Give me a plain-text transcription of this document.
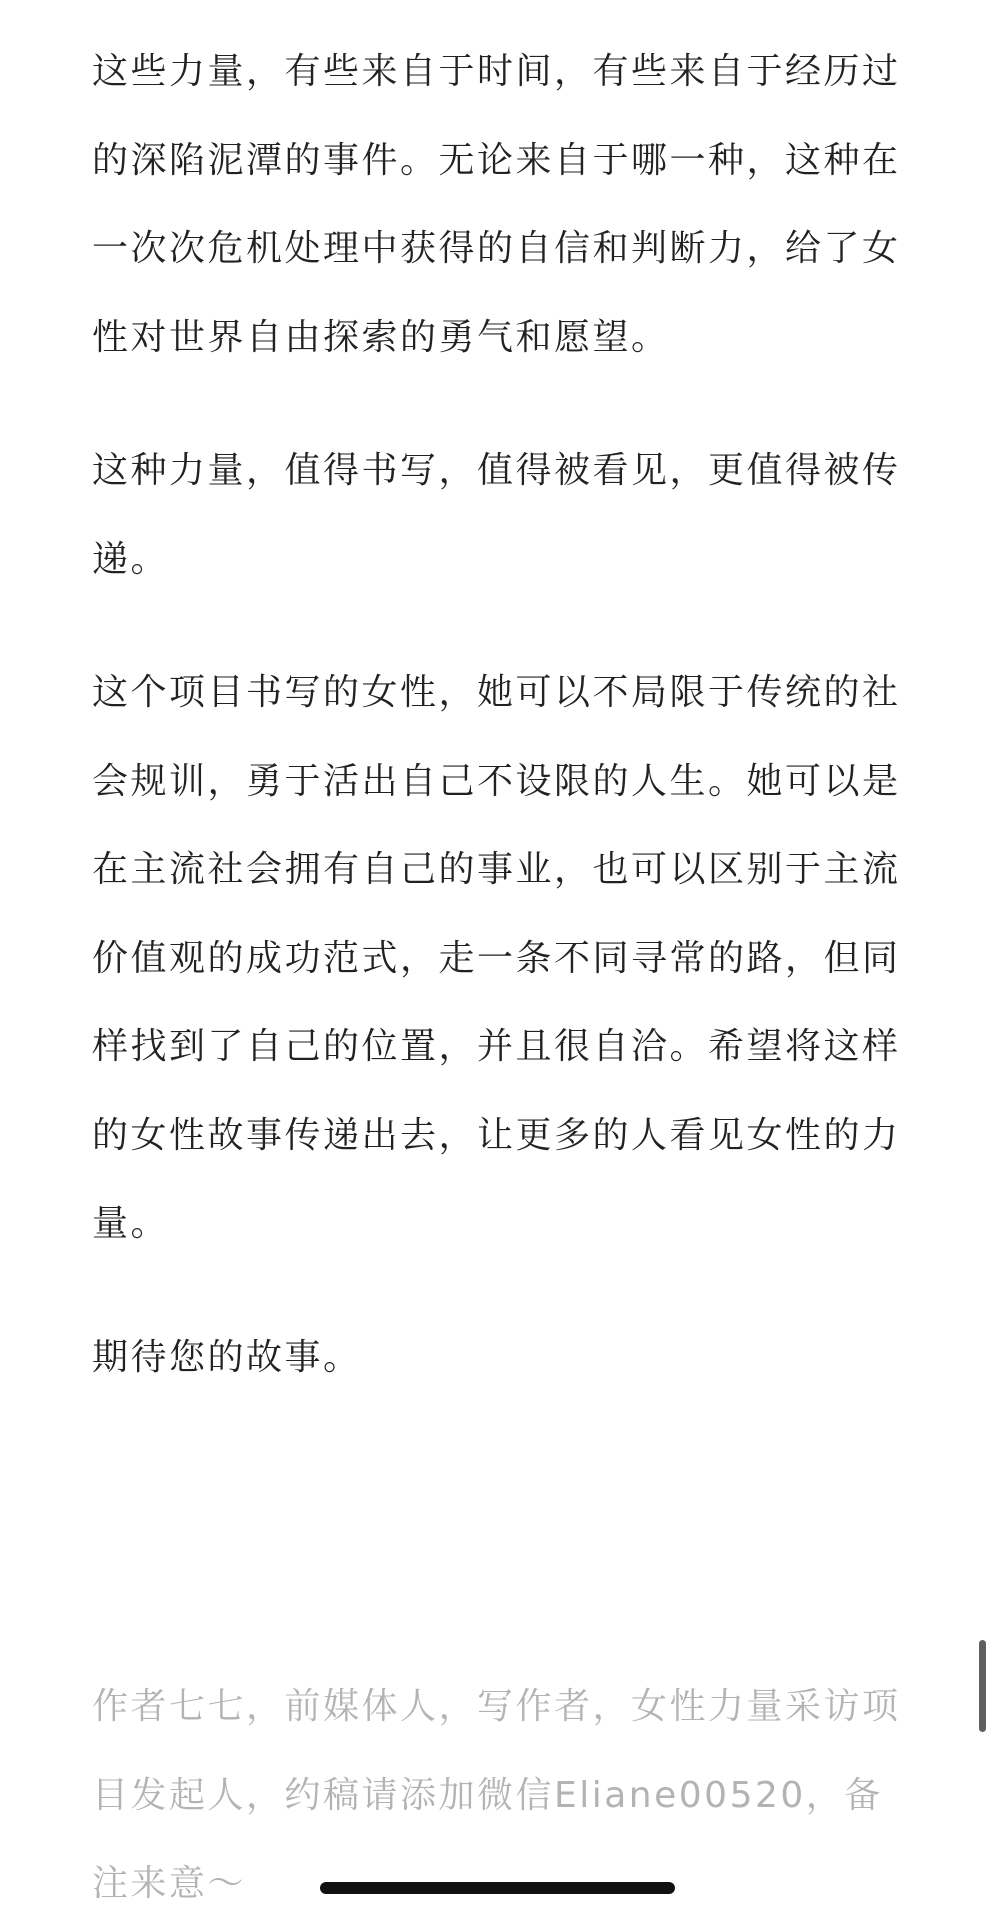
这些力量，有些来自于时间，有些来自于经历过的深陷泥潭的事件。无论来自于哪一种，这种在一次次危机处理中获得的自信和判断力，给了女性对世界自由探索的勇气和愿望。

这种力量，值得书写，值得被看见，更值得被传递。

这个项目书写的女性，她可以不局限于传统的社会规训，勇于活出自己不设限的人生。她可以是在主流社会拥有自己的事业，也可以区别于主流价值观的成功范式，走一条不同寻常的路，但同样找到了自己的位置，并且很自洽。希望将这样的女性故事传递出去，让更多的人看见女性的力量。

期待您的故事。

作者七七，前媒体人，写作者，女性力量采访项目发起人，约稿请添加微信Eliane00520，备注来意～
